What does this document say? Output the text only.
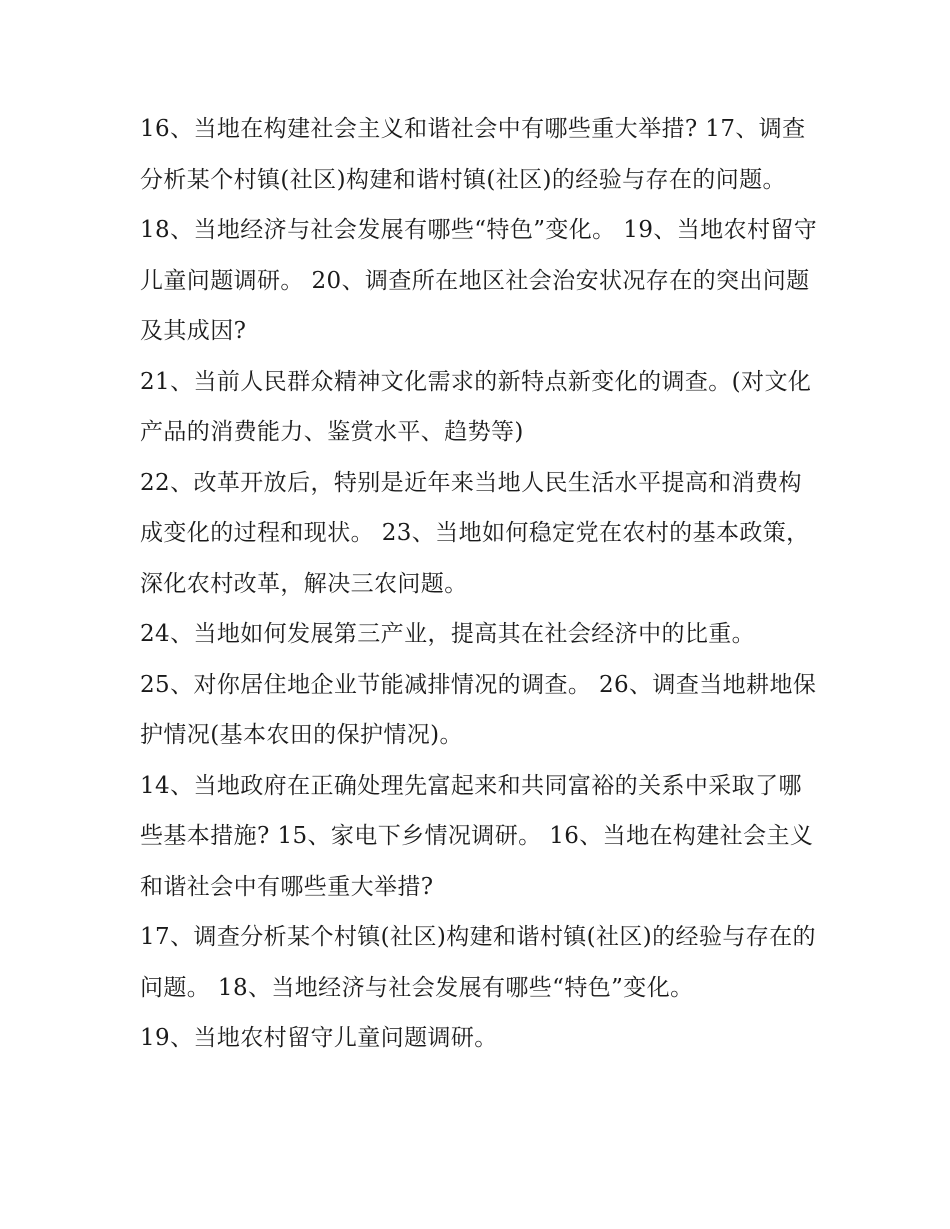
16、当地在构建社会主义和谐社会中有哪些重大举措? 17、调查分析某个村镇(社区)构建和谐村镇(社区)的经验与存在的问题。

18、当地经济与社会发展有哪些“特色”变化。 19、当地农村留守儿童问题调研。 20、调查所在地区社会治安状况存在的突出问题及其成因?

21、当前人民群众精神文化需求的新特点新变化的调查。(对文化产品的消费能力、鉴赏水平、趋势等)

22、改革开放后，特别是近年来当地人民生活水平提高和消费构成变化的过程和现状。 23、当地如何稳定党在农村的基本政策，深化农村改革，解决三农问题。

24、当地如何发展第三产业，提高其在社会经济中的比重。

25、对你居住地企业节能减排情况的调查。 26、调查当地耕地保护情况(基本农田的保护情况)。

14、当地政府在正确处理先富起来和共同富裕的关系中采取了哪些基本措施? 15、家电下乡情况调研。 16、当地在构建社会主义和谐社会中有哪些重大举措?

17、调查分析某个村镇(社区)构建和谐村镇(社区)的经验与存在的问题。 18、当地经济与社会发展有哪些“特色”变化。

19、当地农村留守儿童问题调研。
